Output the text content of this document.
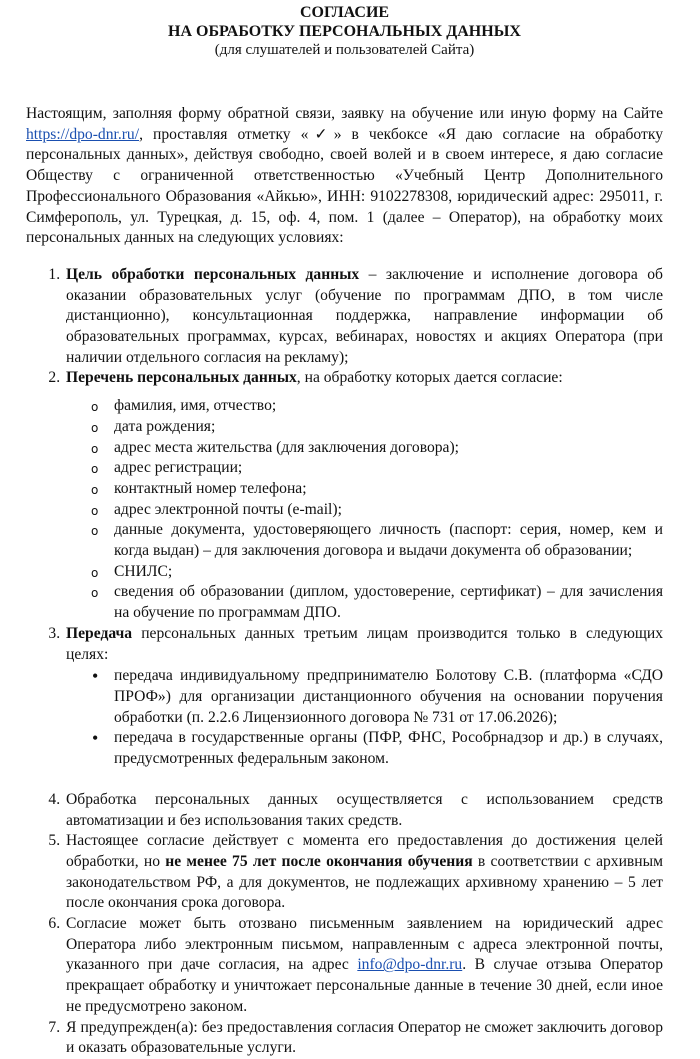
СОГЛАСИЕ

НА ОБРАБОТКУ ПЕРСОНАЛЬНЫХ ДАННЫХ

(для слушателей и пользователей Сайта)

Настоящим, заполняя форму обратной связи, заявку на обучение или иную форму на Сайте https://dpo-dnr.ru/, проставляя отметку «✓» в чекбоксе «Я даю согласие на обработку персональных данных», действуя свободно, своей волей и в своем интересе, я даю согласие Обществу с ограниченной ответственностью «Учебный Центр Дополнительного Профессионального Образования «Айкью», ИНН: 9102278308, юридический адрес: 295011, г. Симферополь, ул. Турецкая, д. 15, оф. 4, пом. 1 (далее – Оператор), на обработку моих персональных данных на следующих условиях:

1. Цель обработки персональных данных – заключение и исполнение договора об оказании образовательных услуг (обучение по программам ДПО, в том числе дистанционно), консультационная поддержка, направление информации об образовательных программах, курсах, вебинарах, новостях и акциях Оператора (при наличии отдельного согласия на рекламу);
2. Перечень персональных данных, на обработку которых дается согласие:
o фамилия, имя, отчество;
o дата рождения;
o адрес места жительства (для заключения договора);
o адрес регистрации;
o контактный номер телефона;
o адрес электронной почты (e-mail);
o данные документа, удостоверяющего личность (паспорт: серия, номер, кем и когда выдан) – для заключения договора и выдачи документа об образовании;
o СНИЛС;
o сведения об образовании (диплом, удостоверение, сертификат) – для зачисления на обучение по программам ДПО.
3. Передача персональных данных третьим лицам производится только в следующих целях:
• передача индивидуальному предпринимателю Болотову С.В. (платформа «СДО ПРОФ») для организации дистанционного обучения на основании поручения обработки (п. 2.2.6 Лицензионного договора № 731 от 17.06.2026);
• передача в государственные органы (ПФР, ФНС, Рособрнадзор и др.) в случаях, предусмотренных федеральным законом.
4. Обработка персональных данных осуществляется с использованием средств автоматизации и без использования таких средств.
5. Настоящее согласие действует с момента его предоставления до достижения целей обработки, но не менее 75 лет после окончания обучения в соответствии с архивным законодательством РФ, а для документов, не подлежащих архивному хранению – 5 лет после окончания срока договора.
6. Согласие может быть отозвано письменным заявлением на юридический адрес Оператора либо электронным письмом, направленным с адреса электронной почты, указанного при даче согласия, на адрес info@dpo-dnr.ru. В случае отзыва Оператор прекращает обработку и уничтожает персональные данные в течение 30 дней, если иное не предусмотрено законом.
7. Я предупрежден(а): без предоставления согласия Оператор не сможет заключить договор и оказать образовательные услуги.
